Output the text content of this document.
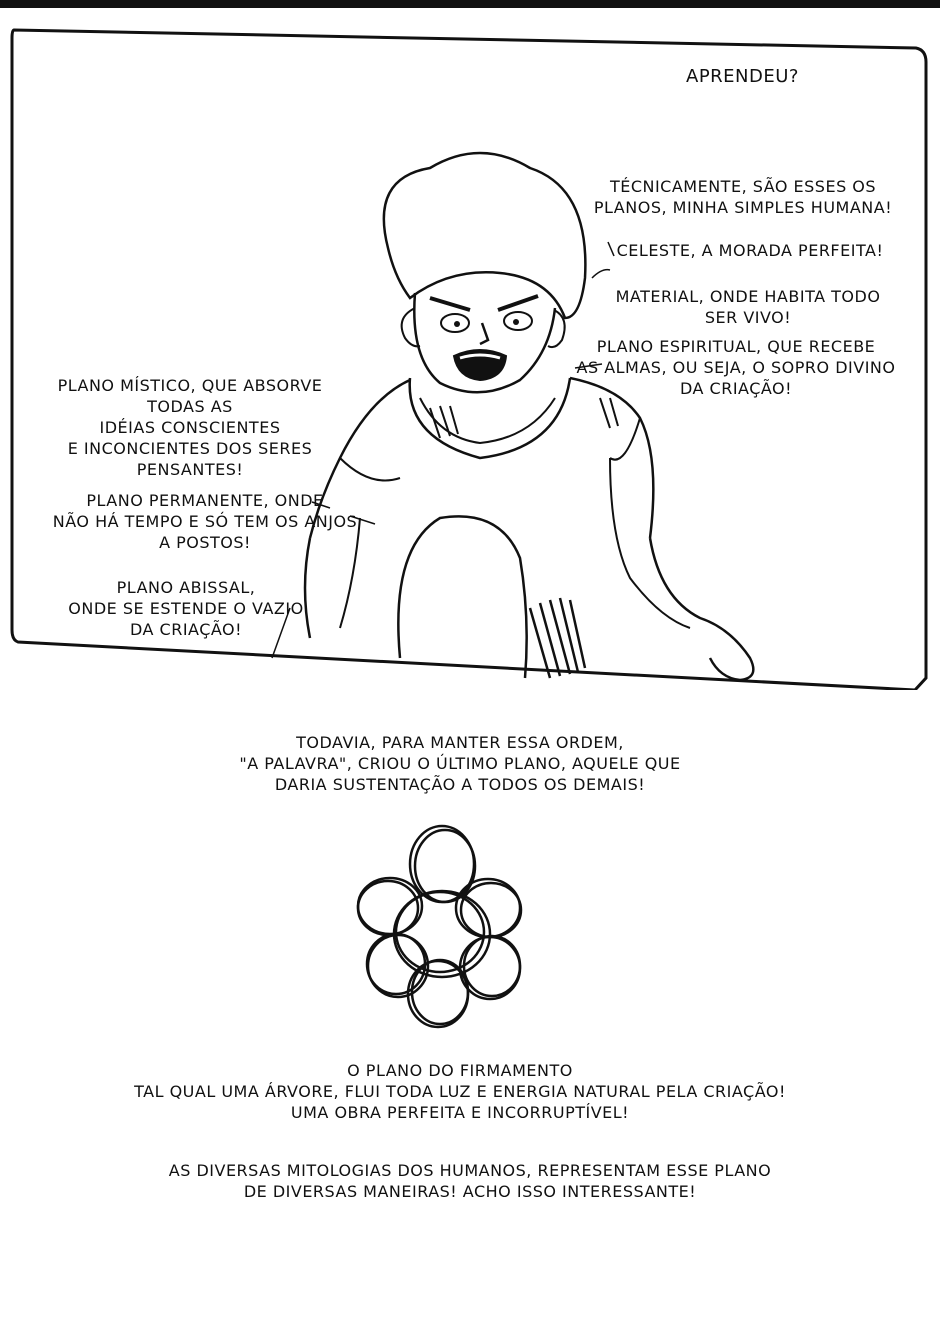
APRENDEU?
TÉCNICAMENTE, SÃO ESSES OS
PLANOS, MINHA SIMPLES HUMANA!
CELESTE, A MORADA PERFEITA!
MATERIAL, ONDE HABITA TODO
SER VIVO!
PLANO ESPIRITUAL, QUE RECEBE
AS ALMAS, OU SEJA, O SOPRO DIVINO
DA CRIAÇÃO!
PLANO MÍSTICO, QUE ABSORVE
TODAS AS
IDÉIAS CONSCIENTES
E INCONCIENTES DOS SERES
PENSANTES!
PLANO PERMANENTE, ONDE
NÃO HÁ TEMPO E SÓ TEM OS ANJOS
A POSTOS!
PLANO ABISSAL,
ONDE SE ESTENDE O VAZIO
DA CRIAÇÃO!
TODAVIA, PARA MANTER ESSA ORDEM,
"A PALAVRA", CRIOU O ÚLTIMO PLANO, AQUELE QUE
DARIA SUSTENTAÇÃO A TODOS OS DEMAIS!
O PLANO DO FIRMAMENTO
TAL QUAL UMA ÁRVORE, FLUI TODA LUZ E ENERGIA NATURAL PELA CRIAÇÃO!
UMA OBRA PERFEITA E INCORRUPTÍVEL!
AS DIVERSAS MITOLOGIAS DOS HUMANOS, REPRESENTAM ESSE PLANO
DE DIVERSAS MANEIRAS! ACHO ISSO INTERESSANTE!
